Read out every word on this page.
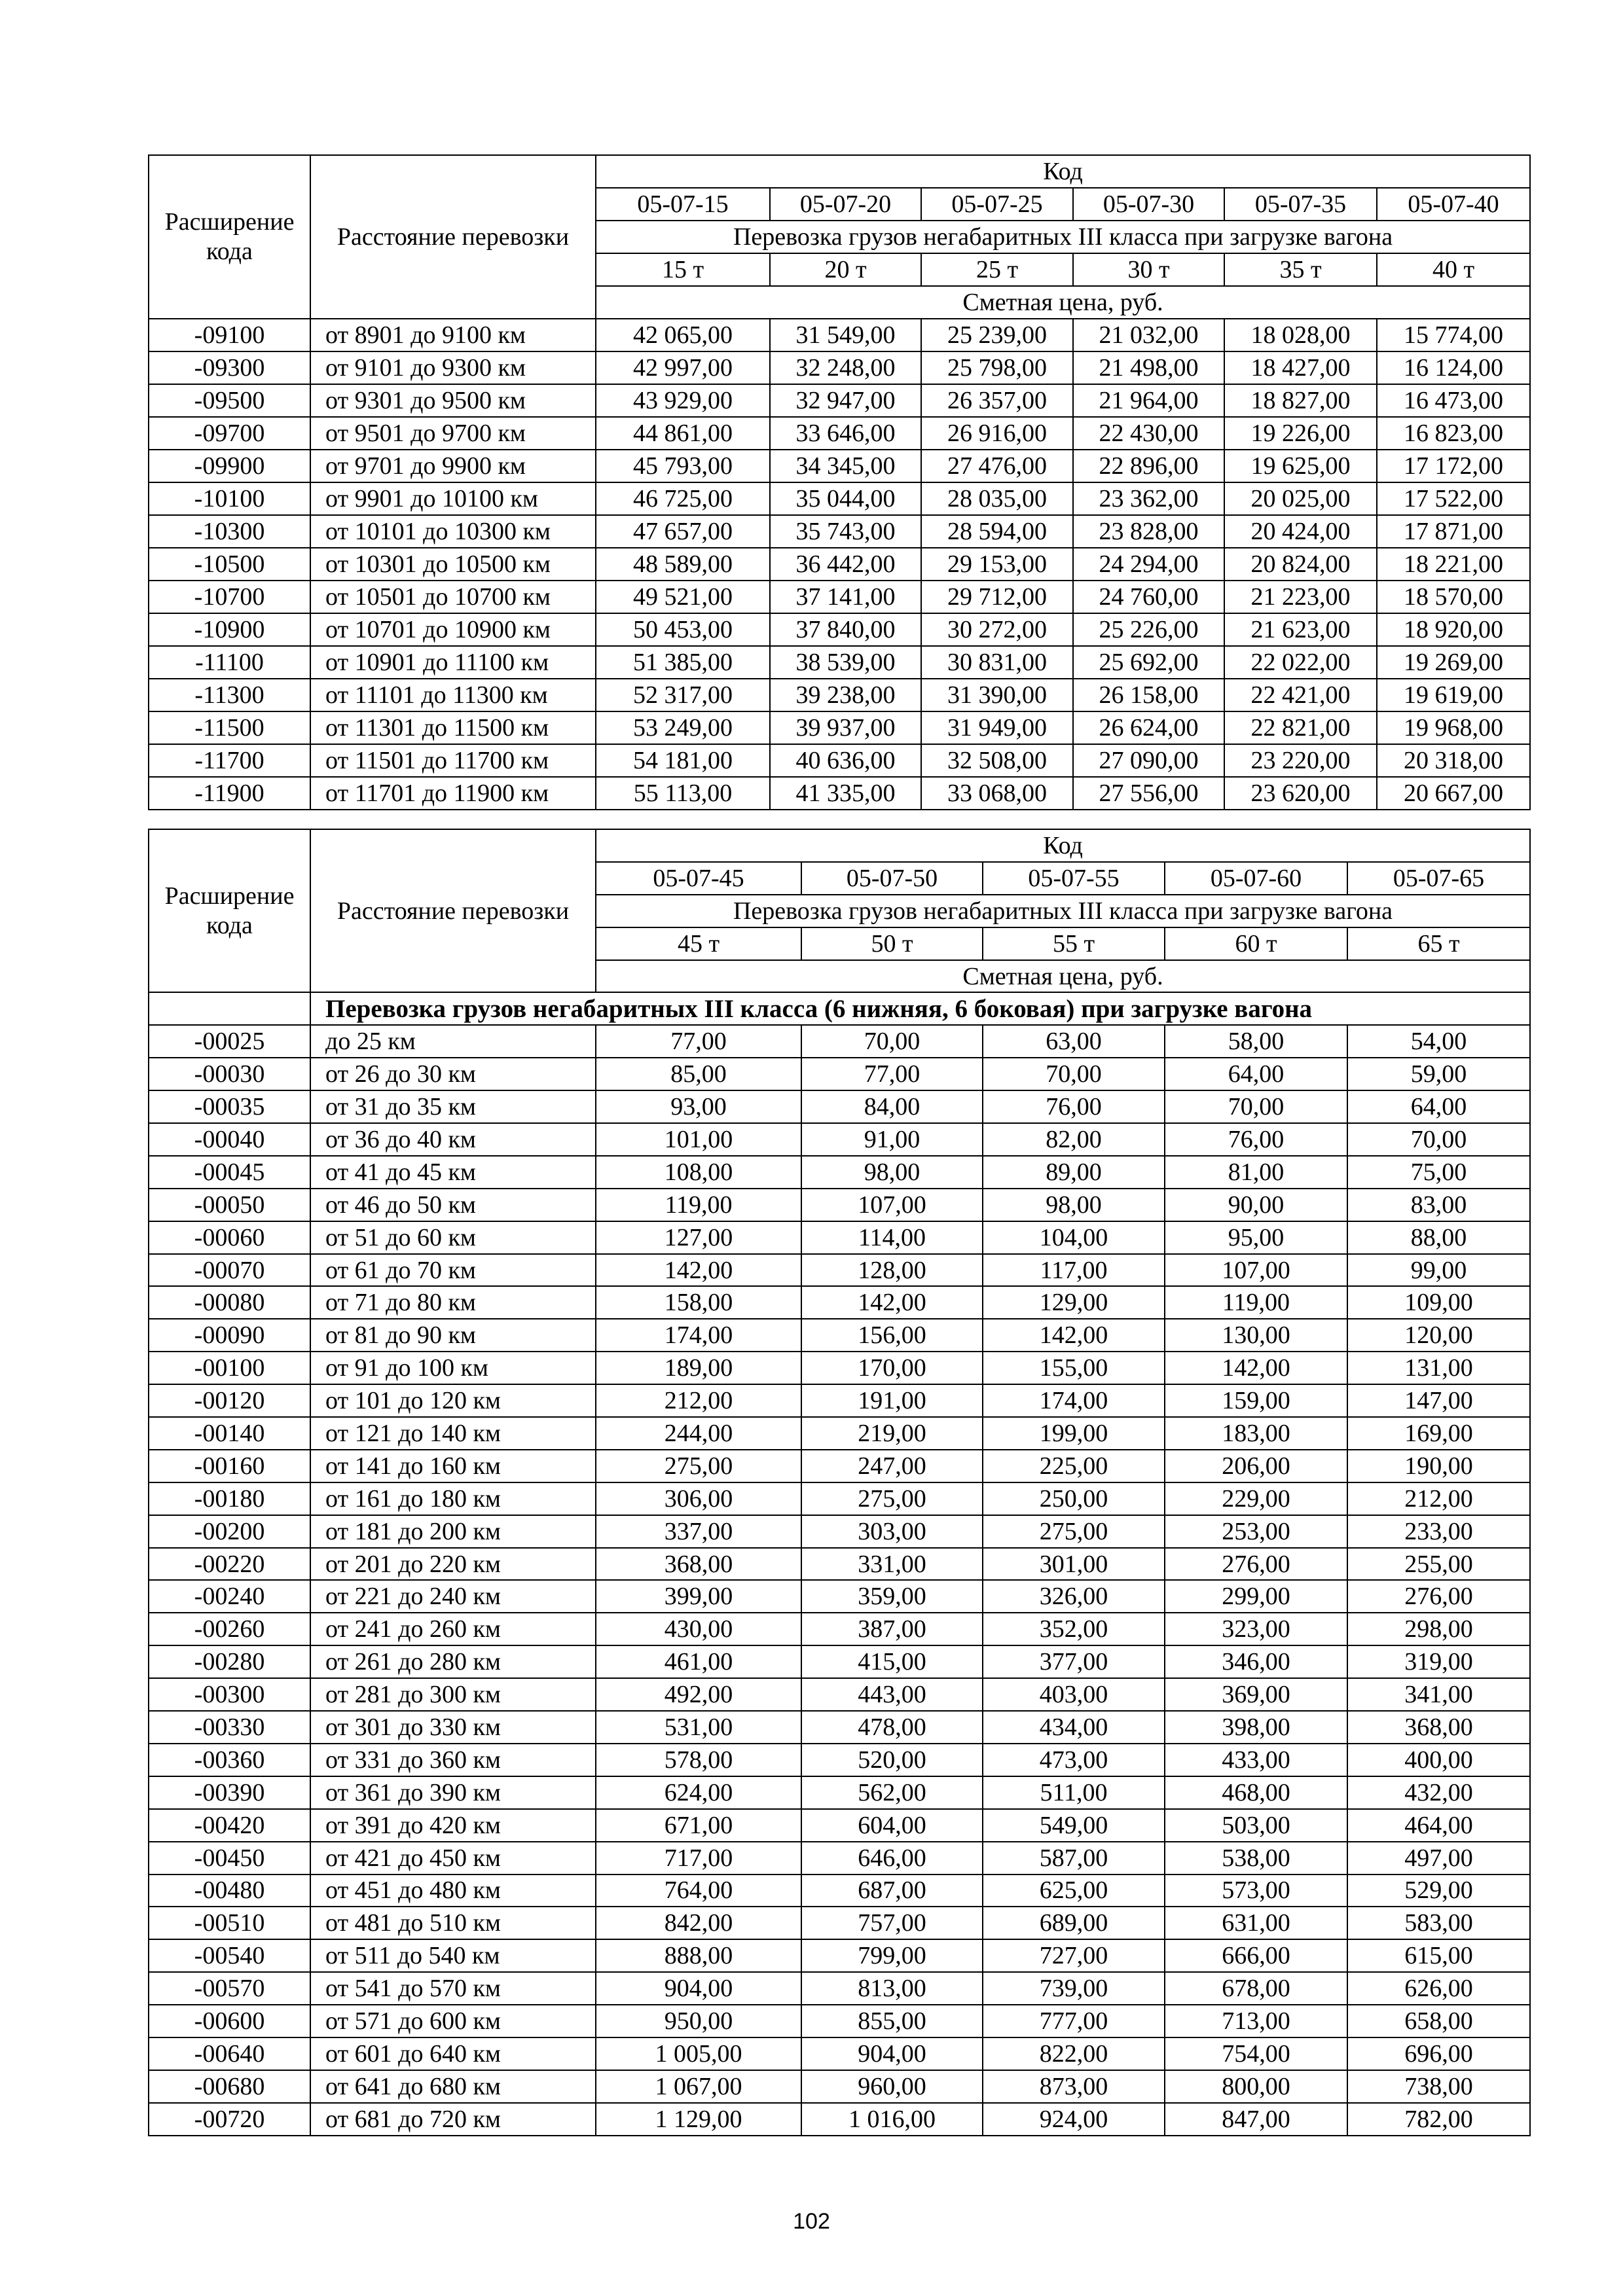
Расширение кода	Расстояние перевозки	Код					
		05-07-15	05-07-20	05-07-25	05-07-30	05-07-35	05-07-40
		Перевозка грузов негабаритных III класса при загрузке вагона					
		15 т	20 т	25 т	30 т	35 т	40 т
		Сметная цена, руб.					
-09100	от 8901 до 9100 км	42 065,00	31 549,00	25 239,00	21 032,00	18 028,00	15 774,00
-09300	от 9101 до 9300 км	42 997,00	32 248,00	25 798,00	21 498,00	18 427,00	16 124,00
-09500	от 9301 до 9500 км	43 929,00	32 947,00	26 357,00	21 964,00	18 827,00	16 473,00
-09700	от 9501 до 9700 км	44 861,00	33 646,00	26 916,00	22 430,00	19 226,00	16 823,00
-09900	от 9701 до 9900 км	45 793,00	34 345,00	27 476,00	22 896,00	19 625,00	17 172,00
-10100	от 9901 до 10100 км	46 725,00	35 044,00	28 035,00	23 362,00	20 025,00	17 522,00
-10300	от 10101 до 10300 км	47 657,00	35 743,00	28 594,00	23 828,00	20 424,00	17 871,00
-10500	от 10301 до 10500 км	48 589,00	36 442,00	29 153,00	24 294,00	20 824,00	18 221,00
-10700	от 10501 до 10700 км	49 521,00	37 141,00	29 712,00	24 760,00	21 223,00	18 570,00
-10900	от 10701 до 10900 км	50 453,00	37 840,00	30 272,00	25 226,00	21 623,00	18 920,00
-11100	от 10901 до 11100 км	51 385,00	38 539,00	30 831,00	25 692,00	22 022,00	19 269,00
-11300	от 11101 до 11300 км	52 317,00	39 238,00	31 390,00	26 158,00	22 421,00	19 619,00
-11500	от 11301 до 11500 км	53 249,00	39 937,00	31 949,00	26 624,00	22 821,00	19 968,00
-11700	от 11501 до 11700 км	54 181,00	40 636,00	32 508,00	27 090,00	23 220,00	20 318,00
-11900	от 11701 до 11900 км	55 113,00	41 335,00	33 068,00	27 556,00	23 620,00	20 667,00
Расширение кода	Расстояние перевозки	Код				
		05-07-45	05-07-50	05-07-55	05-07-60	05-07-65
		Перевозка грузов негабаритных III класса при загрузке вагона				
		45 т	50 т	55 т	60 т	65 т
		Сметная цена, руб.				
	Перевозка грузов негабаритных III класса (6 нижняя, 6 боковая) при загрузке вагона					
-00025	до 25 км	77,00	70,00	63,00	58,00	54,00
-00030	от 26 до 30 км	85,00	77,00	70,00	64,00	59,00
-00035	от 31 до 35 км	93,00	84,00	76,00	70,00	64,00
-00040	от 36 до 40 км	101,00	91,00	82,00	76,00	70,00
-00045	от 41 до 45 км	108,00	98,00	89,00	81,00	75,00
-00050	от 46 до 50 км	119,00	107,00	98,00	90,00	83,00
-00060	от 51 до 60 км	127,00	114,00	104,00	95,00	88,00
-00070	от 61 до 70 км	142,00	128,00	117,00	107,00	99,00
-00080	от 71 до 80 км	158,00	142,00	129,00	119,00	109,00
-00090	от 81 до 90 км	174,00	156,00	142,00	130,00	120,00
-00100	от 91 до 100 км	189,00	170,00	155,00	142,00	131,00
-00120	от 101 до 120 км	212,00	191,00	174,00	159,00	147,00
-00140	от 121 до 140 км	244,00	219,00	199,00	183,00	169,00
-00160	от 141 до 160 км	275,00	247,00	225,00	206,00	190,00
-00180	от 161 до 180 км	306,00	275,00	250,00	229,00	212,00
-00200	от 181 до 200 км	337,00	303,00	275,00	253,00	233,00
-00220	от 201 до 220 км	368,00	331,00	301,00	276,00	255,00
-00240	от 221 до 240 км	399,00	359,00	326,00	299,00	276,00
-00260	от 241 до 260 км	430,00	387,00	352,00	323,00	298,00
-00280	от 261 до 280 км	461,00	415,00	377,00	346,00	319,00
-00300	от 281 до 300 км	492,00	443,00	403,00	369,00	341,00
-00330	от 301 до 330 км	531,00	478,00	434,00	398,00	368,00
-00360	от 331 до 360 км	578,00	520,00	473,00	433,00	400,00
-00390	от 361 до 390 км	624,00	562,00	511,00	468,00	432,00
-00420	от 391 до 420 км	671,00	604,00	549,00	503,00	464,00
-00450	от 421 до 450 км	717,00	646,00	587,00	538,00	497,00
-00480	от 451 до 480 км	764,00	687,00	625,00	573,00	529,00
-00510	от 481 до 510 км	842,00	757,00	689,00	631,00	583,00
-00540	от 511 до 540 км	888,00	799,00	727,00	666,00	615,00
-00570	от 541 до 570 км	904,00	813,00	739,00	678,00	626,00
-00600	от 571 до 600 км	950,00	855,00	777,00	713,00	658,00
-00640	от 601 до 640 км	1 005,00	904,00	822,00	754,00	696,00
-00680	от 641 до 680 км	1 067,00	960,00	873,00	800,00	738,00
-00720	от 681 до 720 км	1 129,00	1 016,00	924,00	847,00	782,00
102
